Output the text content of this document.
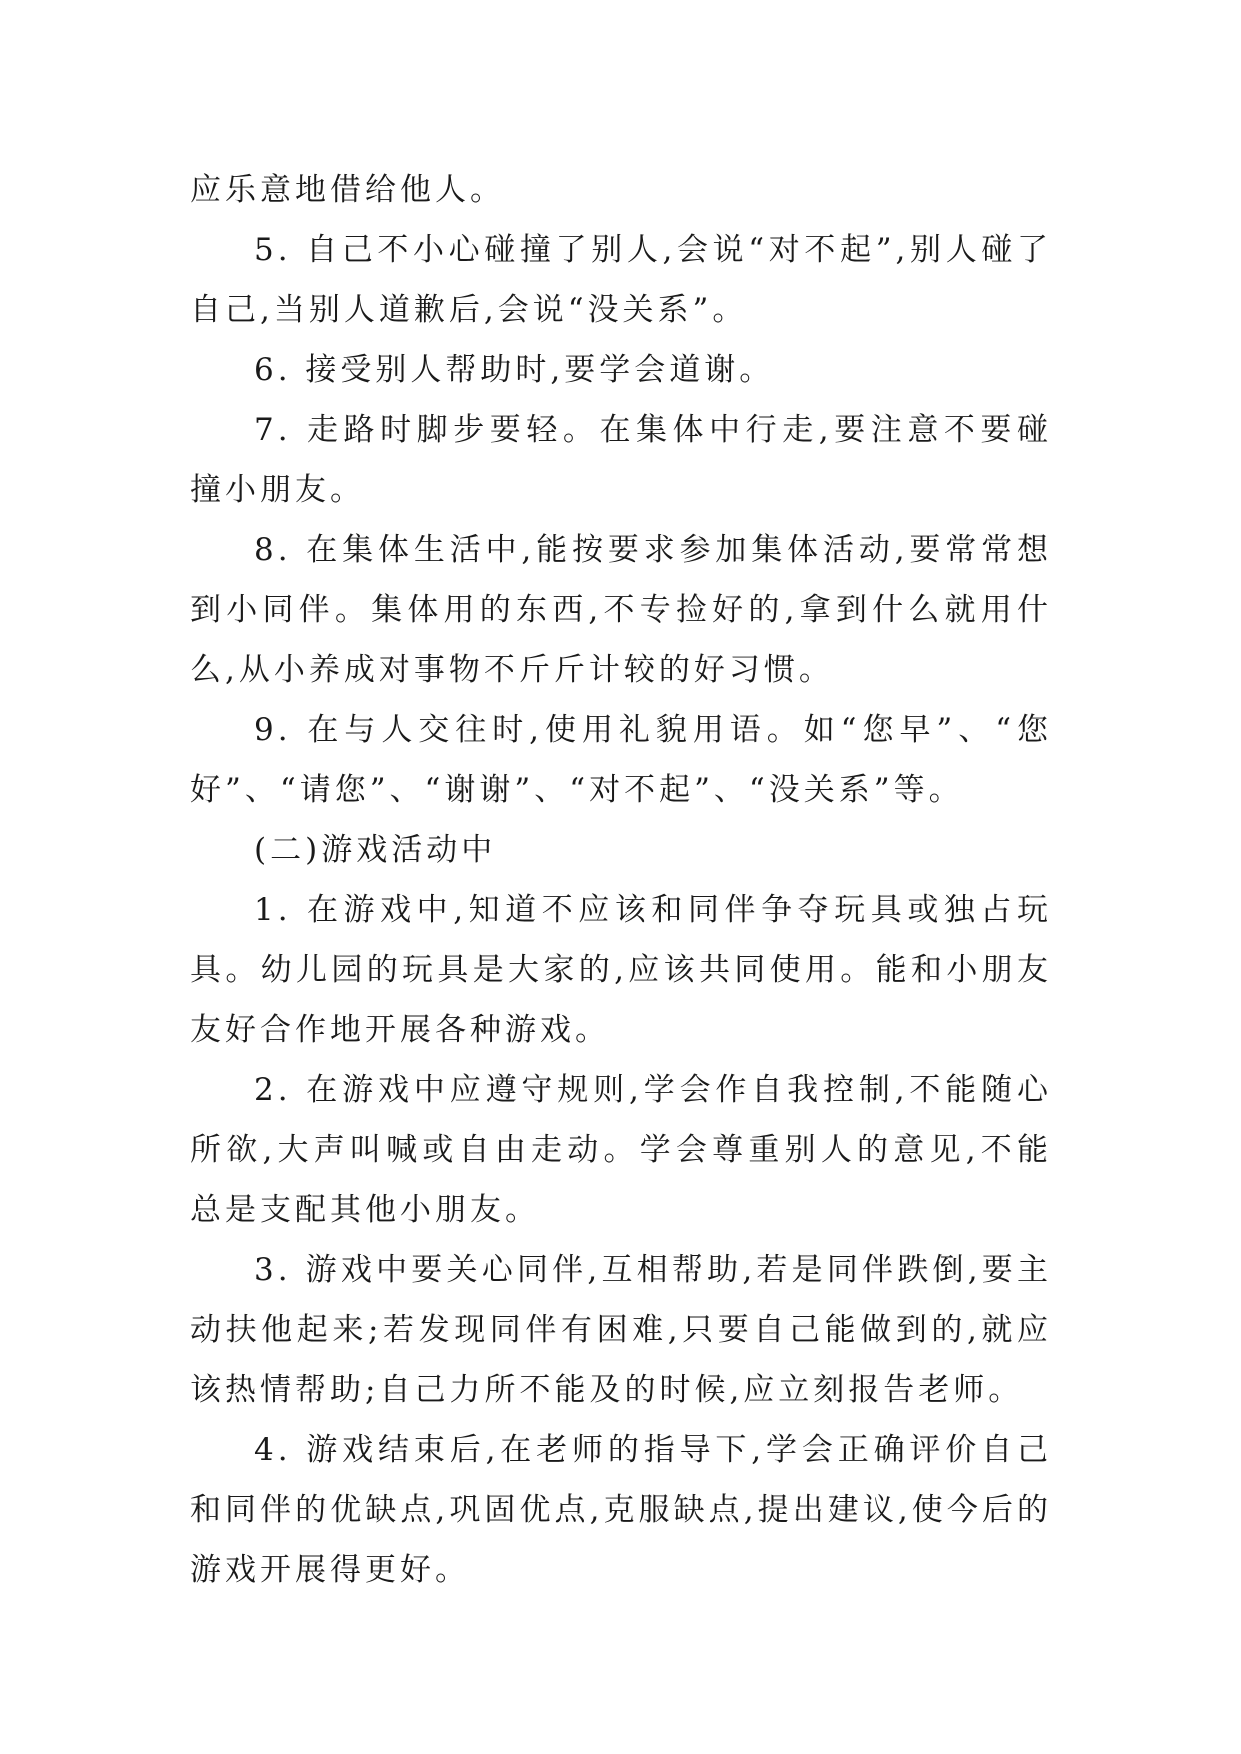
应乐意地借给他人。

5. 自己不小心碰撞了别人,会说“对不起”,别人碰了自己,当别人道歉后,会说“没关系”。

6. 接受别人帮助时,要学会道谢。

7. 走路时脚步要轻。在集体中行走,要注意不要碰撞小朋友。

8. 在集体生活中,能按要求参加集体活动,要常常想到小同伴。集体用的东西,不专捡好的,拿到什么就用什么,从小养成对事物不斤斤计较的好习惯。

9. 在与人交往时,使用礼貌用语。如“您早”、“您好”、“请您”、“谢谢”、“对不起”、“没关系”等。

(二)游戏活动中

1. 在游戏中,知道不应该和同伴争夺玩具或独占玩具。幼儿园的玩具是大家的,应该共同使用。能和小朋友友好合作地开展各种游戏。

2. 在游戏中应遵守规则,学会作自我控制,不能随心所欲,大声叫喊或自由走动。学会尊重别人的意见,不能总是支配其他小朋友。

3. 游戏中要关心同伴,互相帮助,若是同伴跌倒,要主动扶他起来;若发现同伴有困难,只要自己能做到的,就应该热情帮助;自己力所不能及的时候,应立刻报告老师。

4. 游戏结束后,在老师的指导下,学会正确评价自己和同伴的优缺点,巩固优点,克服缺点,提出建议,使今后的游戏开展得更好。
